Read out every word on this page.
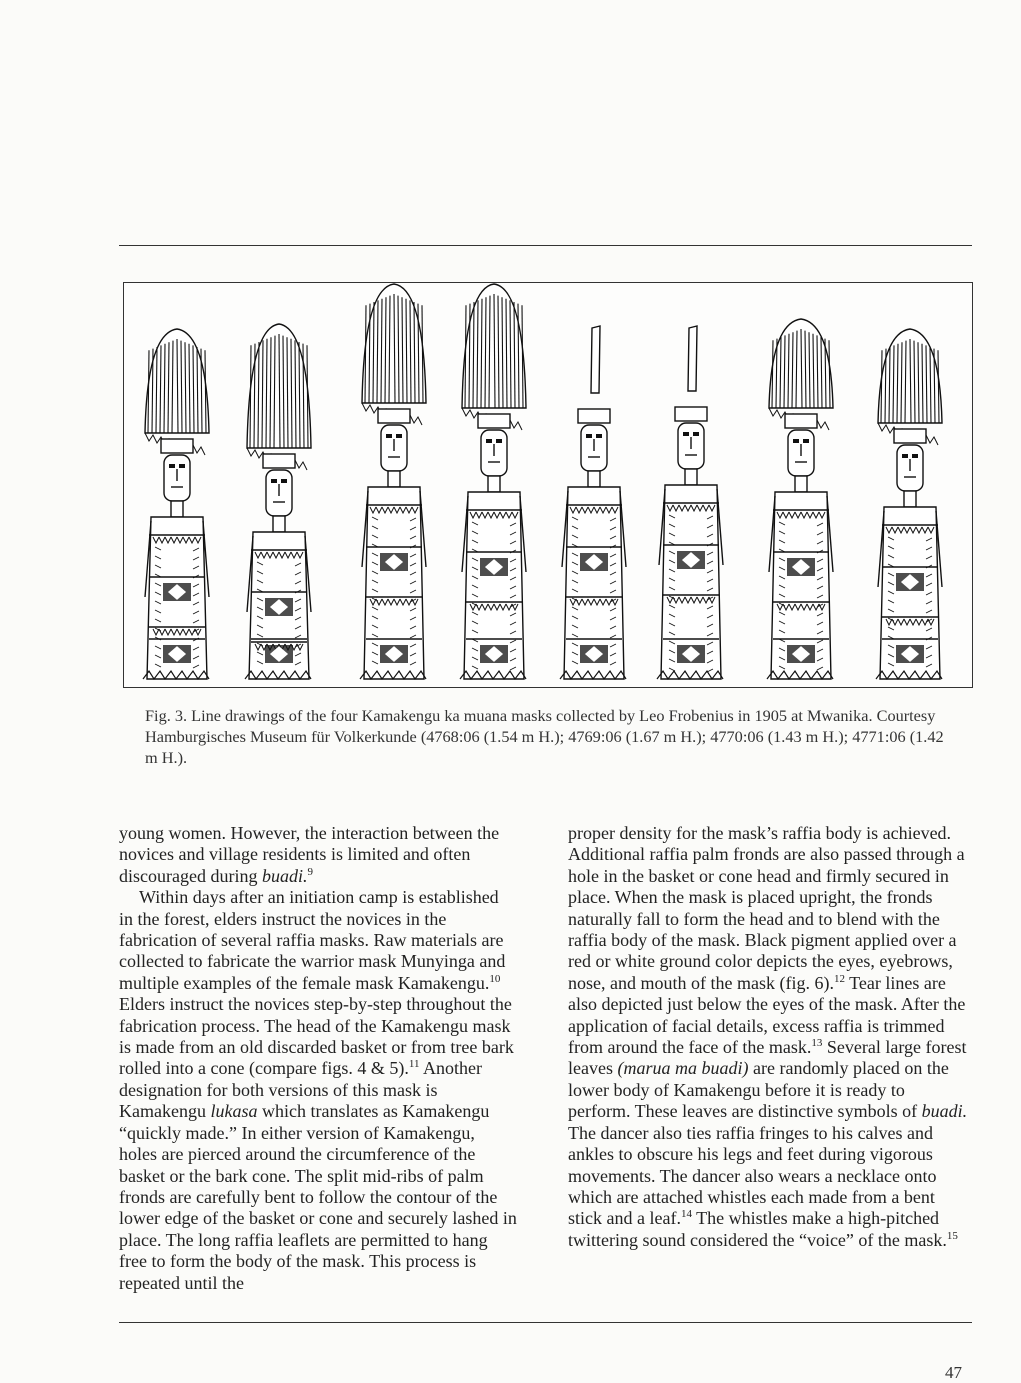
Fig. 3. Line drawings of the four Kamakengu ka muana masks collected by Leo Frobenius in 1905 at Mwanika. Courtesy Hamburgisches Museum für Volkerkunde (4768:06 (1.54 m H.); 4769:06 (1.67 m H.); 4770:06 (1.43 m H.); 4771:06 (1.42 m H.).

young women. However, the interaction between the novices and village residents is limited and often discouraged during buadi.$^9$

Within days after an initiation camp is established in the forest, elders instruct the novices in the fabrication of several raffia masks. Raw materials are collected to fabricate the warrior mask Munyinga and multiple examples of the female mask Kamakengu.$^{10}$ Elders instruct the novices step-by-step throughout the fabrication process. The head of the Kamakengu mask is made from an old discarded basket or from tree bark rolled into a cone (compare figs. 4 & 5).$^{11}$ Another designation for both versions of this mask is Kamakengu lukasa which translates as Kamakengu “quickly made.” In either version of Kamakengu, holes are pierced around the circumference of the basket or the bark cone. The split mid-ribs of palm fronds are carefully bent to follow the contour of the lower edge of the basket or cone and securely lashed in place. The long raffia leaflets are permitted to hang free to form the body of the mask. This process is repeated until the

proper density for the mask’s raffia body is achieved. Additional raffia palm fronds are also passed through a hole in the basket or cone head and firmly secured in place. When the mask is placed upright, the fronds naturally fall to form the head and to blend with the raffia body of the mask. Black pigment applied over a red or white ground color depicts the eyes, eyebrows, nose, and mouth of the mask (fig. 6).$^{12}$ Tear lines are also depicted just below the eyes of the mask. After the application of facial details, excess raffia is trimmed from around the face of the mask.$^{13}$ Several large forest leaves (marua ma buadi) are randomly placed on the lower body of Kamakengu before it is ready to perform. These leaves are distinctive symbols of buadi. The dancer also ties raffia fringes to his calves and ankles to obscure his legs and feet during vigorous movements. The dancer also wears a necklace onto which are attached whistles each made from a bent stick and a leaf.$^{14}$ The whistles make a high-pitched twittering sound considered the “voice” of the mask.$^{15}$

47
